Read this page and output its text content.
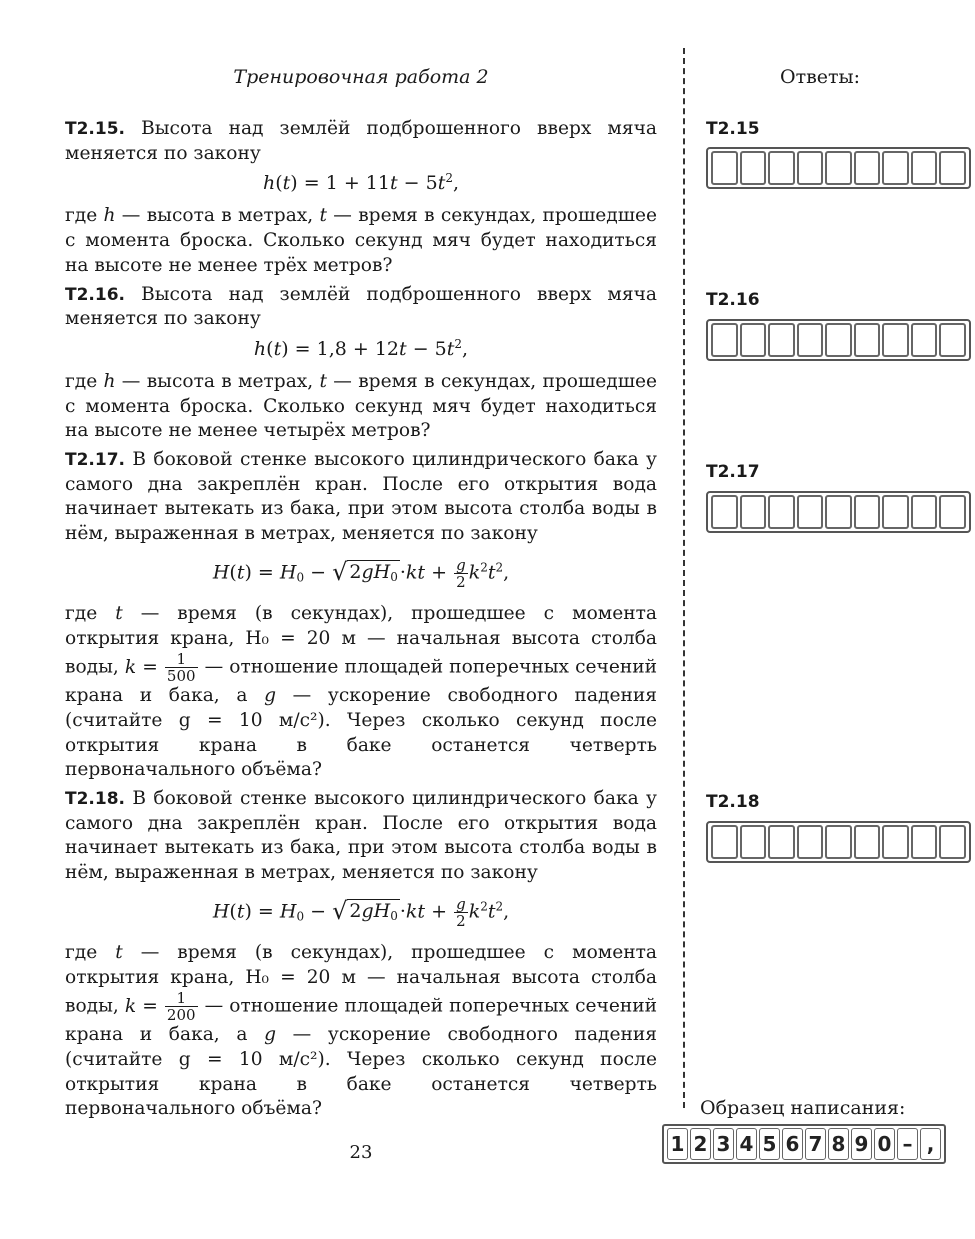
Тренировочная работа 2	Ответы:

T2.15. Высота над землёй подброшенного вверх мяча меняется по закону

$h(t) = 1 + 11t - 5t^2$,

где h — высота в метрах, t — время в секундах, прошедшее с момента броска. Сколько секунд мяч будет находиться на высоте не менее трёх метров?

T2.16. Высота над землёй подброшенного вверх мяча меняется по закону

$h(t) = 1,8 + 12t - 5t^2$,

где h — высота в метрах, t — время в секундах, прошедшее с момента броска. Сколько секунд мяч будет находиться на высоте не менее четырёх метров?

T2.17. В боковой стенке высокого цилиндрического бака у самого дна закреплён кран. После его открытия вода начинает вытекать из бака, при этом высота столба воды в нём, выраженная в метрах, меняется по закону

$H(t) = H_0$ − √ $2gH_0 \cdot kt + \frac{g}{2} k^2t^2$,

где t — время (в секундах), прошедшее с момента открытия крана, H₀ = 20 м — начальная высота столба воды, $k = \frac{1}{500}$ — отношение площадей поперечных сечений крана и бака, а g — ускорение свободного падения (считайте g = 10 м/c²). Через сколько секунд после открытия крана в баке останется четверть первоначального объёма?

T2.18. В боковой стенке высокого цилиндрического бака у самого дна закреплён кран. После его открытия вода начинает вытекать из бака, при этом высота столба воды в нём, выраженная в метрах, меняется по закону

$H(t) = H_0$ − √ $2gH_0 \cdot kt + \frac{g}{2} k^2t^2$,

где t — время (в секундах), прошедшее с момента открытия крана, H₀ = 20 м — начальная высота столба воды, $k = \frac{1}{200}$ — отношение площадей поперечных сечений крана и бака, а g — ускорение свободного падения (считайте g = 10 м/c²). Через сколько секунд после открытия крана в баке останется четверть первоначального объёма?

T2.15
T2.16
T2.17
T2.18
Образец написания:
1 2 3 4 5 6 7 8 9 0 – ,
23
